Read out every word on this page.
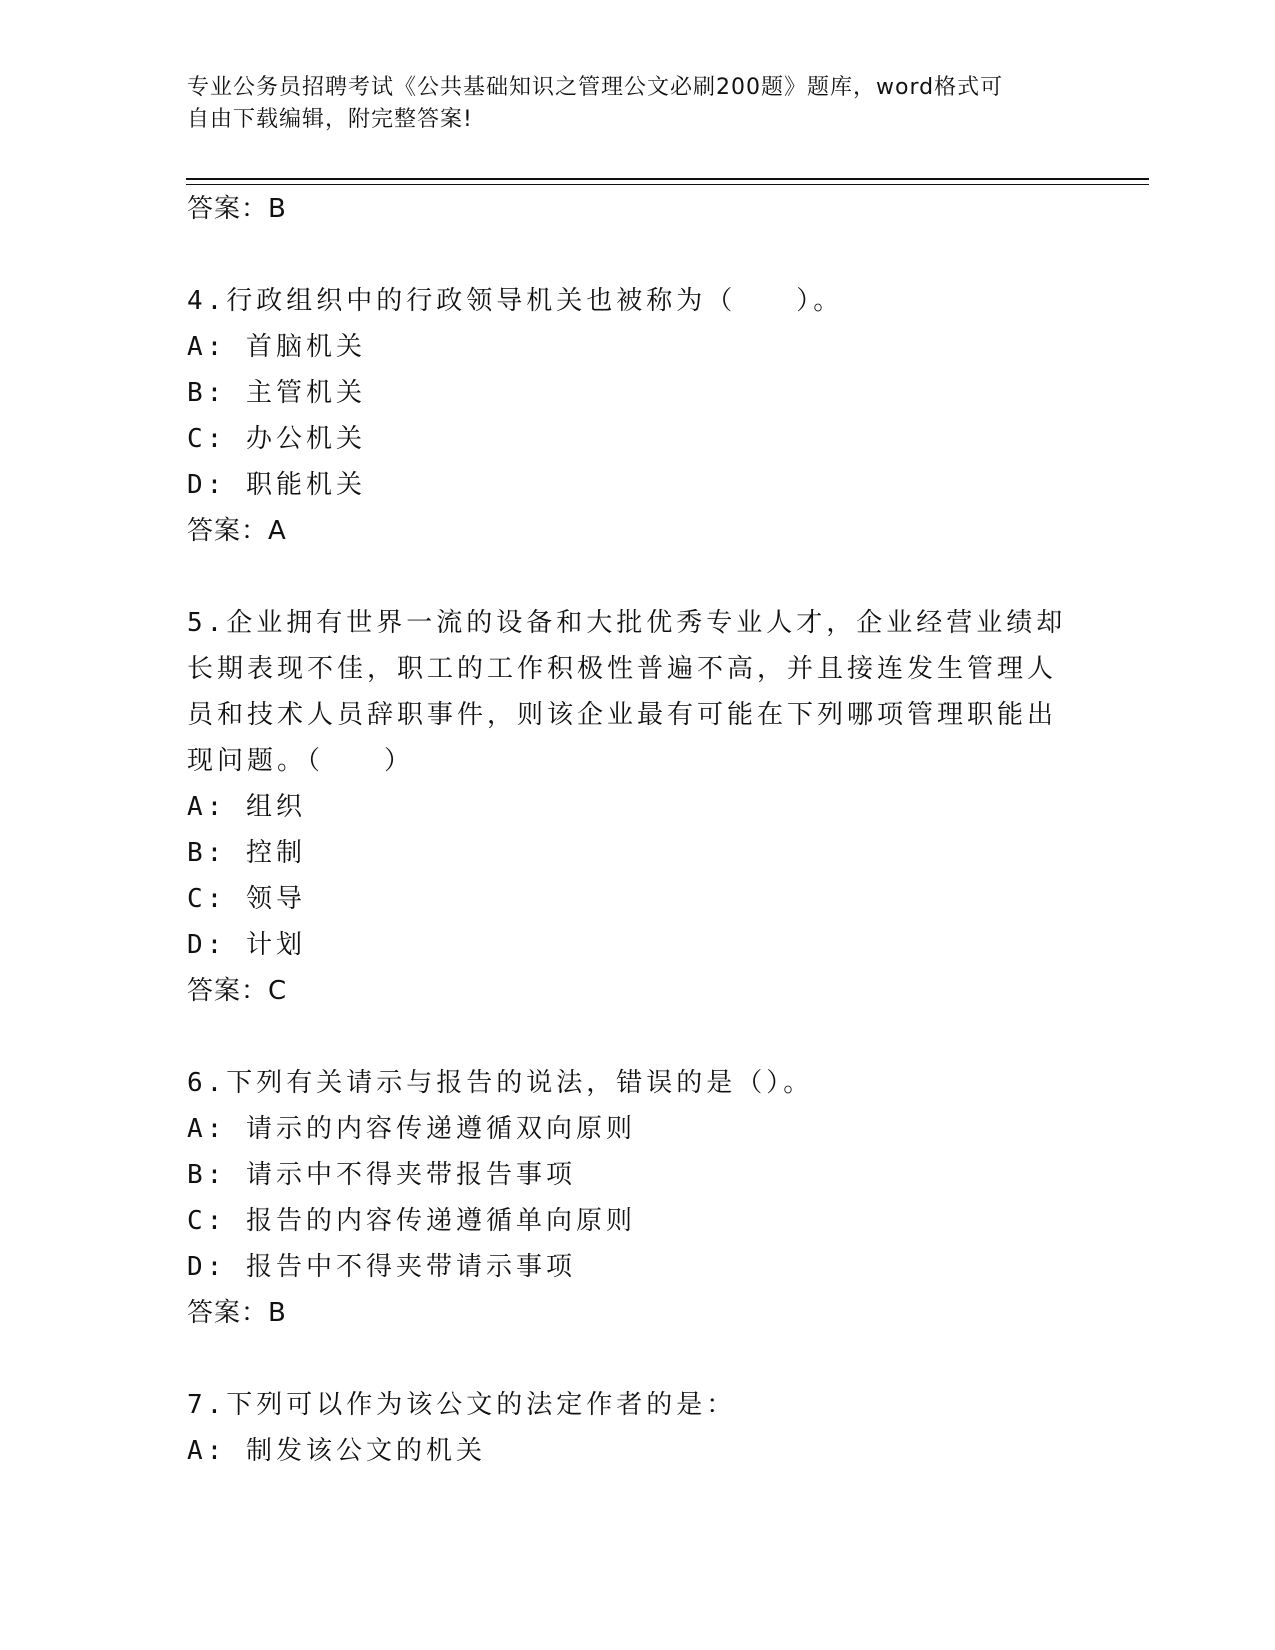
专业公务员招聘考试《公共基础知识之管理公文必刷200题》题库，word格式可
自由下载编辑，附完整答案!
答案：B

4.行政组织中的行政领导机关也被称为（　　）。

A: 首脑机关
B: 主管机关
C: 办公机关
D: 职能机关
答案：A

5.企业拥有世界一流的设备和大批优秀专业人才，企业经营业绩却长期表现不佳，职工的工作积极性普遍不高，并且接连发生管理人员和技术人员辞职事件，则该企业最有可能在下列哪项管理职能出现问题。（　　）

A: 组织
B: 控制
C: 领导
D: 计划
答案：C

6.下列有关请示与报告的说法，错误的是（）。

A: 请示的内容传递遵循双向原则
B: 请示中不得夹带报告事项
C: 报告的内容传递遵循单向原则
D: 报告中不得夹带请示事项
答案：B

7.下列可以作为该公文的法定作者的是：

A: 制发该公文的机关
